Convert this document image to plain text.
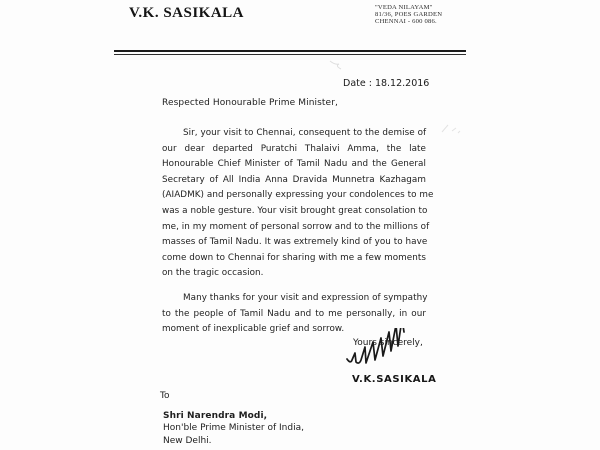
V.K. SASIKALA	"VEDA NILAYAM"
81/36, POES GARDEN
CHENNAI - 600 086.
Date : 18.12.2016
Respected Honourable Prime Minister,
Sir, your visit to Chennai, consequent to the demise of
our dear departed Puratchi Thalaivi Amma, the late
Honourable Chief Minister of Tamil Nadu and the General
Secretary of All India Anna Dravida Munnetra Kazhagam
(AIADMK) and personally expressing your condolences to me
was a noble gesture. Your visit brought great consolation to
me, in my moment of personal sorrow and to the millions of
masses of Tamil Nadu. It was extremely kind of you to have
come down to Chennai for sharing with me a few moments
on the tragic occasion.
Many thanks for your visit and expression of sympathy
to the people of Tamil Nadu and to me personally, in our
moment of inexplicable grief and sorrow.
Yours sincerely,
V.K.SASIKALA
To
Shri Narendra Modi,
Hon'ble Prime Minister of India,
New Delhi.
